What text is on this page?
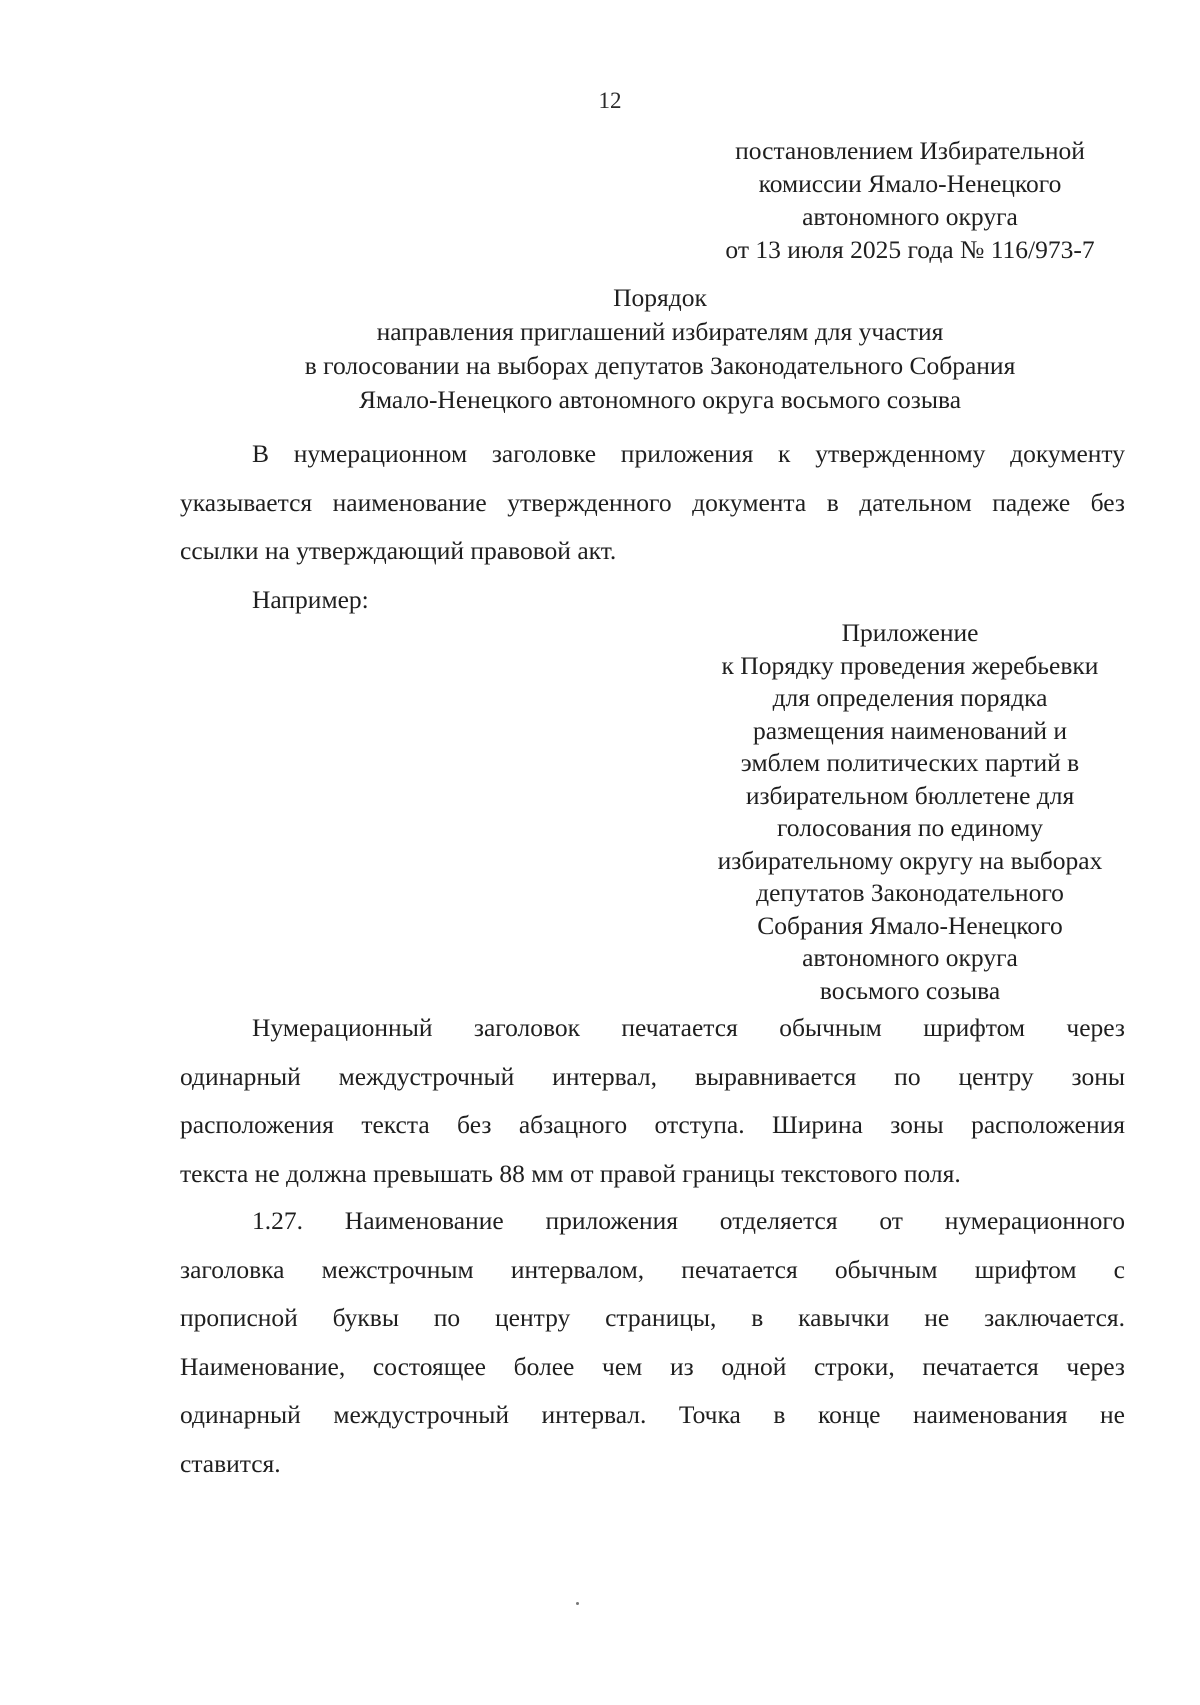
12
постановлением Избирательной
комиссии Ямало-Ненецкого
автономного округа
от 13 июля 2025 года № 116/973-7
Порядок
направления приглашений избирателям для участия
в голосовании на выборах депутатов Законодательного Собрания
Ямало-Ненецкого автономного округа восьмого созыва
В нумерационном заголовке приложения к утвержденному документу
указывается наименование утвержденного документа в дательном падеже без
ссылки на утверждающий правовой акт.
Например:
Приложение
к Порядку проведения жеребьевки
для определения порядка
размещения наименований и
эмблем политических партий в
избирательном бюллетене для
голосования по единому
избирательному округу на выборах
депутатов Законодательного
Собрания Ямало-Ненецкого
автономного округа
восьмого созыва
Нумерационный заголовок печатается обычным шрифтом через
одинарный междустрочный интервал, выравнивается по центру зоны
расположения текста без абзацного отступа. Ширина зоны расположения
текста не должна превышать 88 мм от правой границы текстового поля.
1.27. Наименование приложения отделяется от нумерационного
заголовка межстрочным интервалом, печатается обычным шрифтом с
прописной буквы по центру страницы, в кавычки не заключается.
Наименование, состоящее более чем из одной строки, печатается через
одинарный междустрочный интервал. Точка в конце наименования не
ставится.
